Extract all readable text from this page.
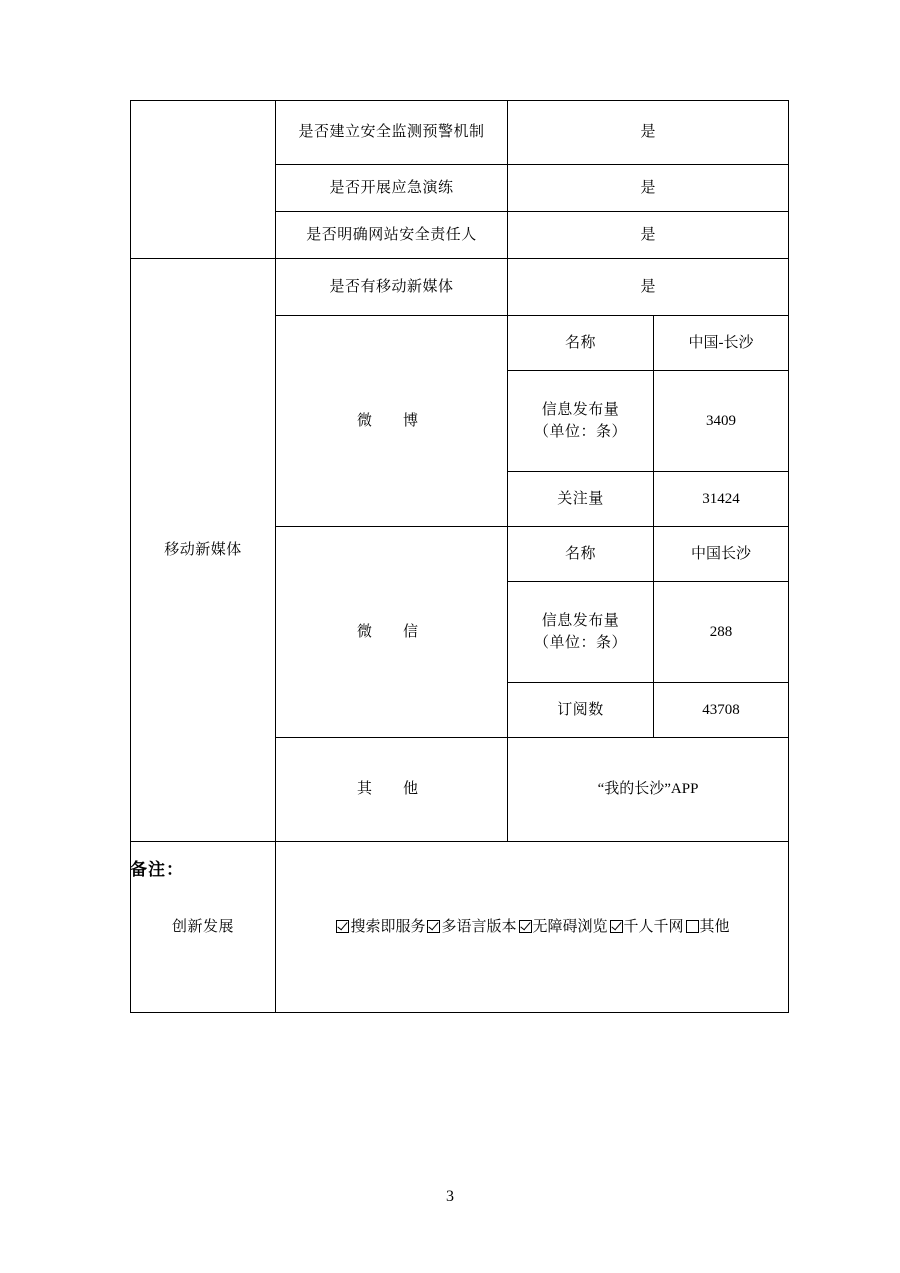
	是否建立安全监测预警机制	是	
	是否开展应急演练	是	
	是否明确网站安全责任人	是	
移动新媒体	是否有移动新媒体	是	
	微　博	名称	中国-长沙

		信息发布量
（单位：条）	3409
		关注量	31424
	微　信	名称	中国长沙

		信息发布量
（单位：条）	288
		订阅数	43708
	其　他	“我的长沙”APP	
创新发展	搜索即服务 多语言版本 无障碍浏览 千人千网 其他		
备注：
3
